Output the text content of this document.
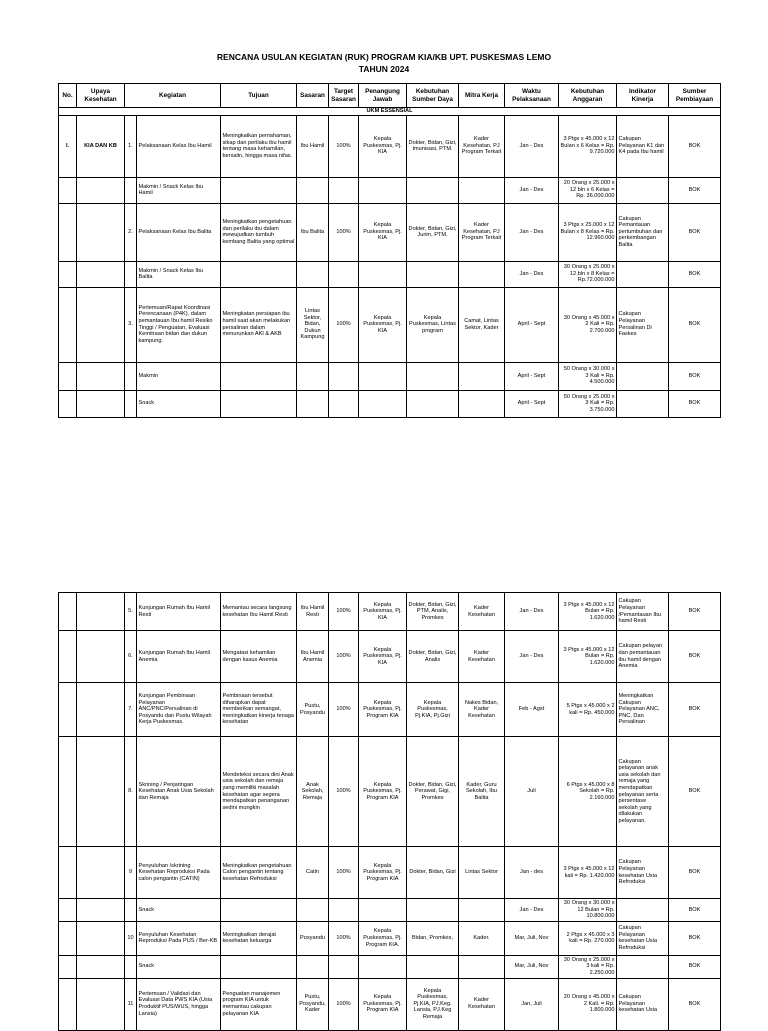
RENCANA USULAN KEGIATAN (RUK) PROGRAM KIA/KB UPT. PUSKESMAS LEMO
TAHUN 2024
No.	Upaya Kesehatan	Kegiatan		Tujuan	Sasaran	Target Sasaran	Penangung Jawab	Kebutuhan Sumber Daya	Mitra Kerja	Waktu Pelaksanaan	Kebutuhan Anggaran	Indikator Kinerja	Sumber Pembiayaan
UKM ESSENSIAL													
I.	KIA DAN KB	1.	Pelaksanaan Kelas Ibu Hamil	Meningkatkan pemahaman, sikap dan perilaku ibu hamil tentang masa kehamilan, bersalin, hingga masa nifas.	Ibu Hamil	100%	Kepala Puskesmas, Pj. KIA	Dokter, Bidan, Gizi, Imunisasi, PTM.	Kader Kesehatan, PJ Program Terkait	Jan - Des	3 Ptgs x 45.000 x 12 Bulan x 6 Kelas = Rp. 9.720.000	Cakupan Pelayanan K1 dan K4 pada Ibu hamil	BOK
			Makmin / Snack Kelas Ibu Hamil							Jan - Des	20 Orang x 25.000 x 12 bln x 6 Kelas = Rp. 36.000.000		BOK
		2.	Pelaksanaan Kelas Ibu Balita	Meningkatkan pengetahuan dan perilaku ibu dalam mewujudkan tumbuh kembang Balita yang optimal	Ibu Balita	100%	Kepala Puskesmas, Pj. KIA	Dokter, Bidan, Gizi, Jurim, PTM.	Kader Kesehatan, PJ Program Terkait	Jan - Des	3 Ptgs x 25.000 x 12 Bulan x 8 Kelas = Rp. 12.960.000	Cakupan Pemantauan pertumbuhan dan perkembangan Balita	BOK
			Makmin / Snack Kelas Ibu Balita							Jan - Des	30 Orang x 25.000 x 12 bln x 8 Kelas = Rp.72.000.000		BOK
		3.	Pertemuan/Rapat Koordinasi Perencanaan (P4K), dalam pemantauan Ibu hamil Resiko Tinggi / Penguatan, Evaluasi Kemitraan bidan dan dukun kampung.	Meningkatan persiapan ibu hamil saat akan melakukan persalinan dalam menurunkan AKI & AKB	Lintas Sektor, Bidan, Dukun Kampung	100%	Kepala Puskesmas, Pj. KIA	Kepala Puskesmas, Lintas program	Camat, Lintas Sektor, Kader	April - Sept	30 Orang x 45.000 x 2 Kali = Rp. 2.700.000	Cakupan Pelayanan Persalinan Di Faskes	BOK
			Makmin							April - Sept	50 Orang x 30.000 x 3 Kali = Rp. 4.500.000		BOK
			Snack							April - Sept	50 Orang x 25.000 x 3 Kali = Rp. 3.750.000		BOK
		5.	Kunjungan Rumah Ibu Hamil Resti	Memantau secara langsung kesehatan Ibu Hamil Resti	Ibu Hamil Resti	100%	Kepala Puskesmas, Pj. KIA	Dokter, Bidan, Gizi, PTM, Analis, Promkes	Kader Kesehatan	Jan - Des	3 Ptgs x 45.000 x 12 Bulan = Rp. 1.620.000	Cakupan Pelayanan /Pemantauan Ibu hamil Resti	BOK
		6.	Kunjungan Rumah Ibu Hamil Anemia	Mengatasi kehamilan dengan kasus Anemia	Ibu Hamil Anemia	100%	Kepala Puskesmas, Pj. KIA	Dokter, Bidan, Gizi, Analis	Kader Kesehatan	Jan - Des	3 Ptgs x 45.000 x 12 Bulan = Rp. 1.620.000	Cakupan pelayan dan pemantauan ibu hamil dengan Anemia	BOK
		7.	Kunjungan Pembinaan Pelayanan ANC/PNC/Persalinan di Posyandu dan Pustu Wilayah Kerja Puskesmas.	Pembinaan tersebut diharapkan dapat memberikan semangat, meningkatkan kinerja tenaga kesehatan	Pustu, Posyandu	100%	Kepala Puskesmas, Pj. Program KIA	Kepala Puskesmas, Pj.KIA, Pj.Gizi	Nakes Bidan, Kader Kesehatan	Feb - Agst	5 Ptgs x 45.000 x 2 kali = Rp. 450.000	Meningkatkan Cakupan Pelayanan ANC, PNC, Dan Persalinan	BOK
		8.	Skrining / Penjaringan Kesehatan Anak Usia Sekolah dan Remaja	Mendeteksi secara dini Anak usia sekolah dan remaja yang memiliki masalah kesehatan agar segera mendapatkan penanganan sedini mungkin	Anak Sekolah, Remaja	100%	Kepala Puskesmas, Pj. Program KIA	Dokter, Bidan, Gizi, Perawat, Gigi, Promkes	Kader, Guru Sekolah, Ibu Balita	Juli	6 Ptgs x 45.000 x 8 Sekolah = Rp. 2.160.000	Cakupan pelayanan anak usia sekolah dan remaja yang mendapatkan pelayanan serta persentase sekolah yang dilakukan pelayanan.	BOK
		9	Penyuluhan /skrining Kesehatan Reproduksi Pada calon pengantin (CATIN)	Meningkatkan pengetahuan Calon pengantin tentang kesehatan Refroduksi	Catin	100%	Kepala Puskesmas, Pj. Program KIA	Dokter, Bidan, Gizi	Lintas Sektor	Jan - des	3 Ptgs x 45.000 x 12 kali = Rp. 1.420.000	Cakupan Pelayanan kesehatan Usia Refroduksi	BOK
			Snack							Jan - Des	30 Orang x 30.000 x 12 Bulan = Rp. 10.800.000		BOK
		10	Penyuluhan Kesehatan Reproduksi Pada PUS / Ber-KB	Meningkatkan derajat kesehatan keluarga	Posyandu	100%	Kepala Puskesmas, Pj. Program KIA.	Bidan, Promkes,	Kader.	Mar, Juli, Nov	2 Ptgs x 45.000 x 3 kali = Rp. 270.000	Cakupan Pelayanan kesehatan Usia Refroduksi	BOK
			Snack							Mar, Juli, Nov	30 Orang x 25.000 x 3 kali = Rp. 2.250.000		BOK
		11	Pertemuan / Validasi dan Evaluasi Data PWS KIA (Usia Produktif PUS/WUS, hingga Lansia)	Penguatan manajemen program KIA untuk memantau cakupan pelayanan KIA	Pustu, Posyandu, Kader	100%	Kepala Puskesmas, Pj. Program KIA	Kepala Puskesmas, Pj.KIA, PJ.Keg. Lansia, PJ.Keg Remaja	Kader Kesehatan	Jan, Juli	20 Orang x 45.000 x 2 Kali. = Rp. 1.800.000	Cakupan Pelayanan kesehatan Usia	BOK
